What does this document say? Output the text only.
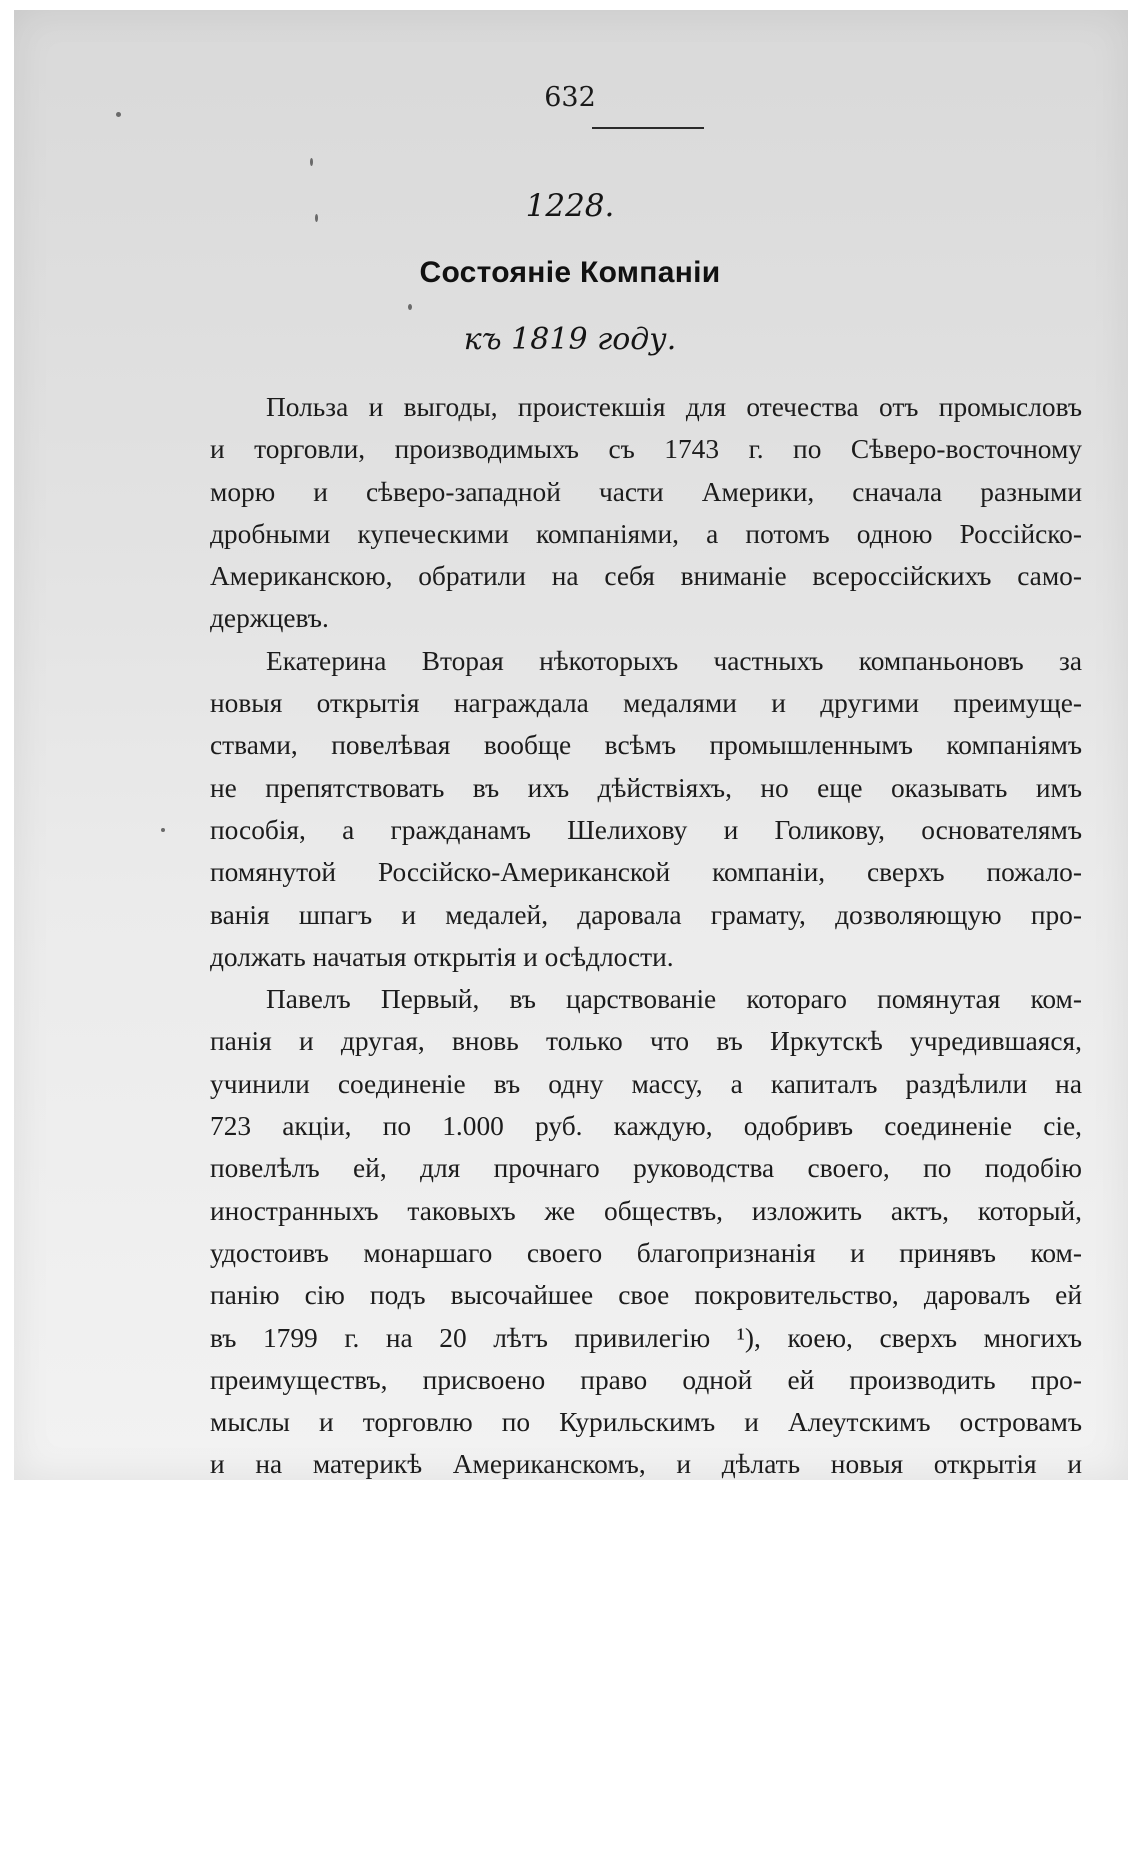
632
1228.
Состояніе Компаніи
къ 1819 году.
Польза и выгоды, проистекшія для отечества отъ промысловъ
и торговли, производимыхъ съ 1743 г. по Сѣверо-восточному
морю и сѣверо-западной части Америки, сначала разными
дробными купеческими компаніями, а потомъ одною Россійско-
Американскою, обратили на себя вниманіе всероссійскихъ само-
держцевъ.
Екатерина Вторая нѣкоторыхъ частныхъ компаньоновъ за
новыя открытія награждала медалями и другими преимуще-
ствами, повелѣвая вообще всѣмъ промышленнымъ компаніямъ
не препятствовать въ ихъ дѣйствіяхъ, но еще оказывать имъ
пособія, а гражданамъ Шелихову и Голикову, основателямъ
помянутой Россійско-Американской компаніи, сверхъ пожало-
ванія шпагъ и медалей, даровала грамату, дозволяющую про-
должать начатыя открытія и осѣдлости.
Павелъ Первый, въ царствованіе котораго помянутая ком-
панія и другая, вновь только что въ Иркутскѣ учредившаяся,
учинили соединеніе въ одну массу, а капиталъ раздѣлили на
723 акціи, по 1.000 руб. каждую, одобривъ соединеніе сіе,
повелѣлъ ей, для прочнаго руководства своего, по подобію
иностранныхъ таковыхъ же обществъ, изложить актъ, который,
удостоивъ монаршаго своего благопризнанія и принявъ ком-
панію сію подъ высочайшее свое покровительство, даровалъ ей
въ 1799 г. на 20 лѣтъ привилегію ¹), коею, сверхъ многихъ
преимуществъ, присвоено право одной ей производить про-
мыслы и торговлю по Курильскимъ и Алеутскимъ островамъ
и на материкѣ Американскомъ, и дѣлать новыя открытія и
